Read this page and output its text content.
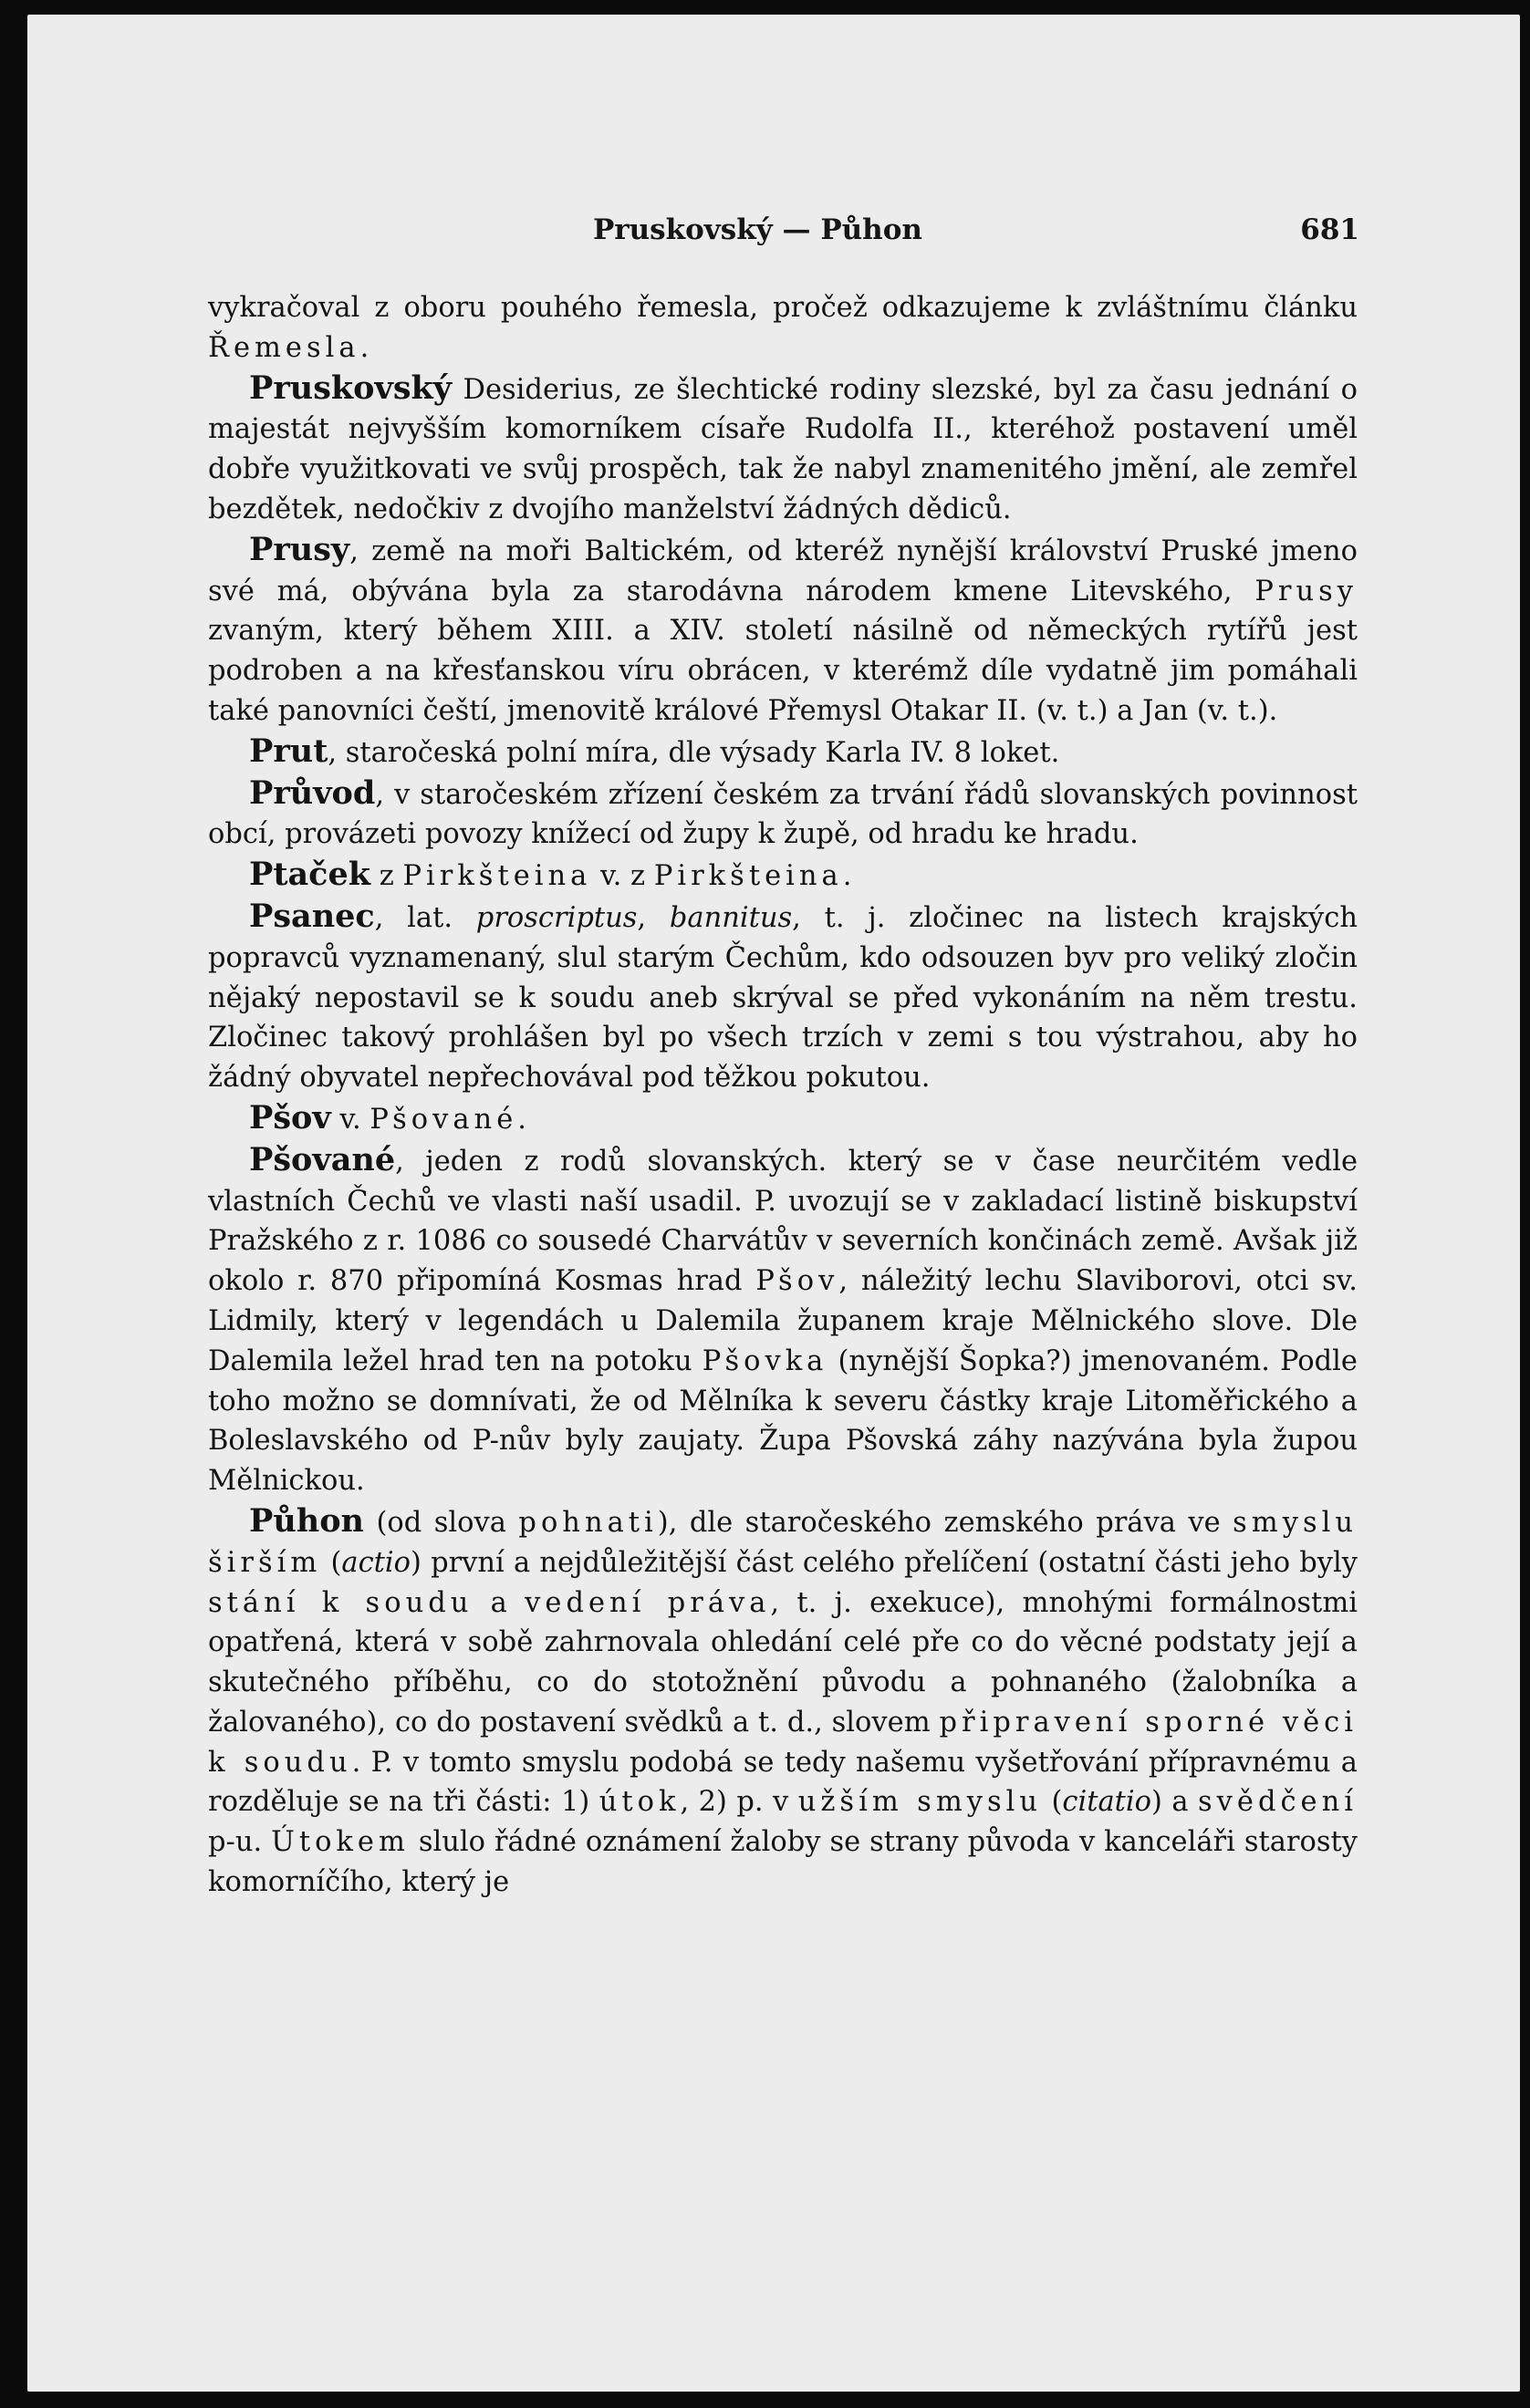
Pruskovský — Půhon	681

vykračoval z oboru pouhého řemesla, pročež odkazujeme k zvláštnímu článku Řemesla.

Pruskovský Desiderius, ze šlechtické rodiny slezské, byl za času jednání o majestát nejvyšším komorníkem císaře Rudolfa II., kteréhož postavení uměl dobře využitkovati ve svůj prospěch, tak že nabyl znamenitého jmění, ale zemřel bezdětek, nedočkiv z dvojího manželství žádných dědiců.

Prusy, země na moři Baltickém, od kteréž nynější království Pruské jmeno své má, obývána byla za starodávna národem kmene Litevského, Prusy zvaným, který během XIII. a XIV. století násilně od německých rytířů jest podroben a na křesťanskou víru obrácen, v kterémž díle vydatně jim pomáhali také panovníci čeští, jmenovitě králové Přemysl Otakar II. (v. t.) a Jan (v. t.).

Prut, staročeská polní míra, dle výsady Karla IV. 8 loket.

Průvod, v staročeském zřízení českém za trvání řádů slovanských povinnost obcí, provázeti povozy knížecí od župy k župě, od hradu ke hradu.

Ptaček z Pirkšteina v. z Pirkšteina.

Psanec, lat. proscriptus, bannitus, t. j. zločinec na listech krajských popravců vyznamenaný, slul starým Čechům, kdo odsouzen byv pro veliký zločin nějaký nepostavil se k soudu aneb skrýval se před vykonáním na něm trestu. Zločinec takový prohlášen byl po všech trzích v zemi s tou výstrahou, aby ho žádný obyvatel nepřechovával pod těžkou pokutou.

Pšov v. Pšované.

Pšované, jeden z rodů slovanských. který se v čase neurčitém vedle vlastních Čechů ve vlasti naší usadil. P. uvozují se v zakladací listině biskupství Pražského z r. 1086 co sousedé Charvátův v severních končinách země. Avšak již okolo r. 870 připomíná Kosmas hrad Pšov, náležitý lechu Slaviborovi, otci sv. Lidmily, který v legendách u Dalemila županem kraje Mělnického slove. Dle Dalemila ležel hrad ten na potoku Pšovka (nynější Šopka?) jmenovaném. Podle toho možno se domnívati, že od Mělníka k severu částky kraje Litoměřického a Boleslavského od P-nův byly zaujaty. Župa Pšovská záhy nazývána byla župou Mělnickou.

Půhon (od slova pohnati), dle staročeského zemského práva ve smyslu širším (actio) první a nejdůležitější část celého přelíčení (ostatní části jeho byly stání k soudu a vedení práva, t. j. exekuce), mnohými formálnostmi opatřená, která v sobě zahrnovala ohledání celé pře co do věcné podstaty její a skutečného příběhu, co do stotožnění původu a pohnaného (žalobníka a žalovaného), co do postavení svědků a t. d., slovem připravení sporné věci k soudu. P. v tomto smyslu podobá se tedy našemu vyšetřování přípravnému a rozděluje se na tři části: 1) útok, 2) p. v užším smyslu (citatio) a svědčení p-u. Útokem slulo řádné oznámení žaloby se strany původa v kanceláři starosty komorníčího, který je
